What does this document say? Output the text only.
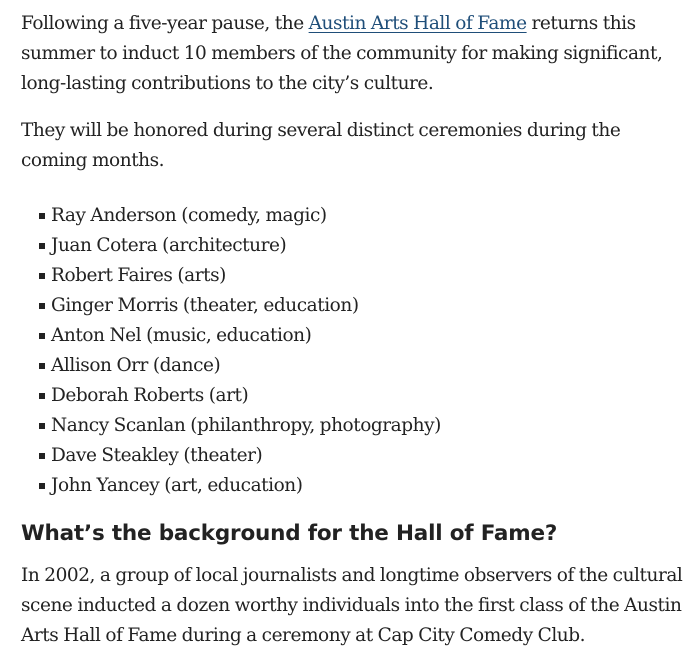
Following a five-year pause, the Austin Arts Hall of Fame returns this summer to induct 10 members of the community for making significant, long-lasting contributions to the city’s culture.

They will be honored during several distinct ceremonies during the coming months.

Ray Anderson (comedy, magic)
Juan Cotera (architecture)
Robert Faires (arts)
Ginger Morris (theater, education)
Anton Nel (music, education)
Allison Orr (dance)
Deborah Roberts (art)
Nancy Scanlan (philanthropy, photography)
Dave Steakley (theater)
John Yancey (art, education)
What’s the background for the Hall of Fame?

In 2002, a group of local journalists and longtime observers of the cultural scene inducted a dozen worthy individuals into the first class of the Austin Arts Hall of Fame during a ceremony at Cap City Comedy Club.
